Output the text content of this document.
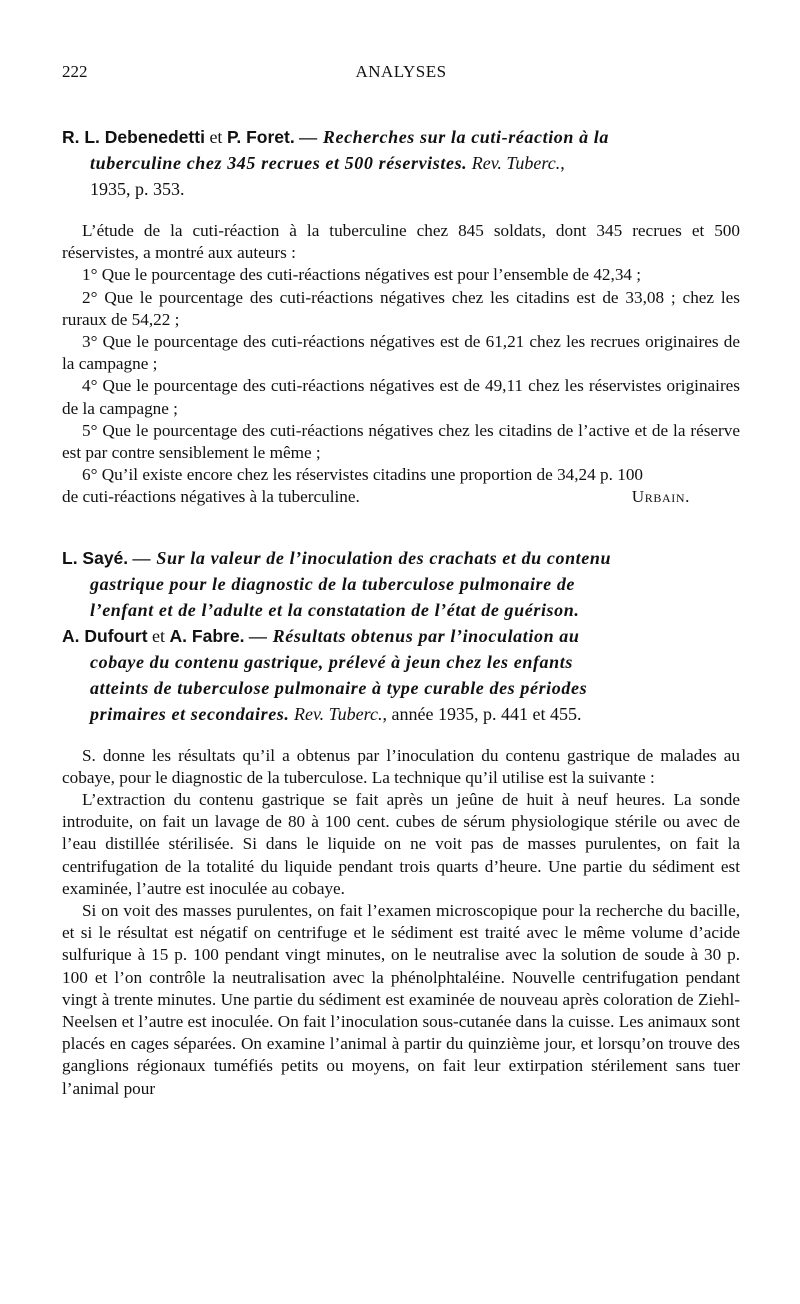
222	ANALYSES
R. L. Debenedetti et P. Foret. — Recherches sur la cuti-réaction à la
tuberculine chez 345 recrues et 500 réservistes. Rev. Tuberc.,
1935, p. 353.

L’étude de la cuti-réaction à la tuberculine chez 845 soldats, dont 345 recrues et 500 réservistes, a montré aux auteurs :

1° Que le pourcentage des cuti-réactions négatives est pour l’ensemble de 42,34 ;

2° Que le pourcentage des cuti-réactions négatives chez les citadins est de 33,08 ; chez les ruraux de 54,22 ;

3° Que le pourcentage des cuti-réactions négatives est de 61,21 chez les recrues originaires de la campagne ;

4° Que le pourcentage des cuti-réactions négatives est de 49,11 chez les réservistes originaires de la campagne ;

5° Que le pourcentage des cuti-réactions négatives chez les citadins de l’active et de la réserve est par contre sensiblement le même ;

6° Qu’il existe encore chez les réservistes citadins une proportion de 34,24 p. 100

de cuti-réactions négatives à la tuberculine.	Urbain.
L. Sayé. — Sur la valeur de l’inoculation des crachats et du contenu
gastrique pour le diagnostic de la tuberculose pulmonaire de
l’enfant et de l’adulte et la constatation de l’état de guérison.
A. Dufourt et A. Fabre. — Résultats obtenus par l’inoculation au
cobaye du contenu gastrique, prélevé à jeun chez les enfants
atteints de tuberculose pulmonaire à type curable des périodes
primaires et secondaires. Rev. Tuberc., année 1935, p. 441 et 455.

S. donne les résultats qu’il a obtenus par l’inoculation du contenu gastrique de malades au cobaye, pour le diagnostic de la tuberculose. La technique qu’il utilise est la suivante :

L’extraction du contenu gastrique se fait après un jeûne de huit à neuf heures. La sonde introduite, on fait un lavage de 80 à 100 cent. cubes de sérum physiologique stérile ou avec de l’eau distillée stérilisée. Si dans le liquide on ne voit pas de masses purulentes, on fait la centrifugation de la totalité du liquide pendant trois quarts d’heure. Une partie du sédiment est examinée, l’autre est inoculée au cobaye.

Si on voit des masses purulentes, on fait l’examen microscopique pour la recherche du bacille, et si le résultat est négatif on centrifuge et le sédiment est traité avec le même volume d’acide sulfurique à 15 p. 100 pendant vingt minutes, on le neutralise avec la solution de soude à 30 p. 100 et l’on contrôle la neutralisation avec la phénolphtaléine. Nouvelle centrifugation pendant vingt à trente minutes. Une partie du sédiment est examinée de nouveau après coloration de Ziehl-Neelsen et l’autre est inoculée. On fait l’inoculation sous-cutanée dans la cuisse. Les animaux sont placés en cages séparées. On examine l’animal à partir du quinzième jour, et lorsqu’on trouve des ganglions régionaux tuméfiés petits ou moyens, on fait leur extirpation stérilement sans tuer l’animal pour
